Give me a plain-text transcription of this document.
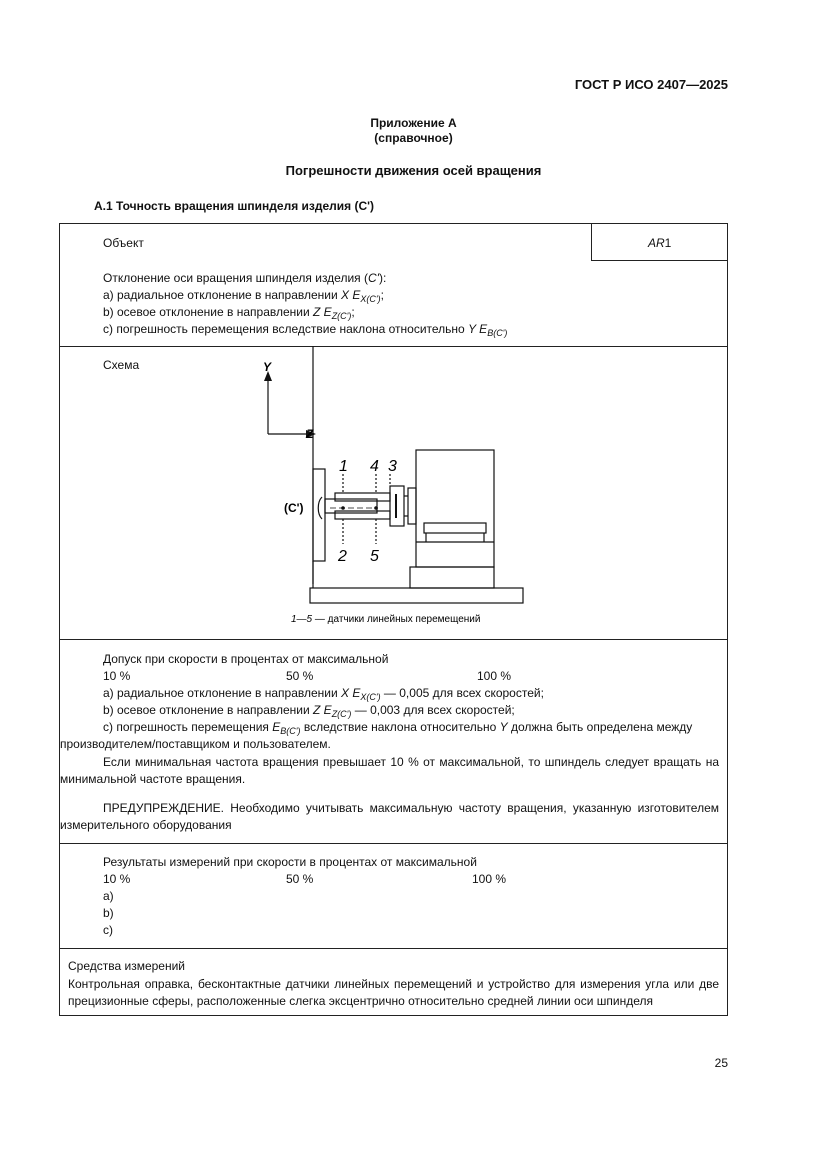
ГОСТ Р ИСО 2407—2025
Приложение А
(справочное)
Погрешности движения осей вращения
А.1 Точность вращения шпинделя изделия (C')
Объект	AR1
Отклонение оси вращения шпинделя изделия (C'):
a) радиальное отклонение в направлении X $E_{X(C')}$;
b) осевое отклонение в направлении Z $E_{Z(C')}$;
c) погрешность перемещения вследствие наклона относительно Y $E_{B(C')}$
Схема	Y
Z
(C')
1
2
3
4
5
1—5 — датчики линейных перемещений
Допуск при скорости в процентах от максимальной
10 %	50 %	100 %
a) радиальное отклонение в направлении X $E_{X(C')}$ — 0,005 для всех скоростей;
b) осевое отклонение в направлении Z $E_{Z(C')}$ — 0,003 для всех скоростей;
c) погрешность перемещения $E_{B(C')}$ вследствие наклона относительно Y должна быть определена между
производителем/поставщиком и пользователем.
Если минимальная частота вращения превышает 10 % от максимальной, то шпиндель следует вращать на минимальной частоте вращения.
ПРЕДУПРЕЖДЕНИЕ. Необходимо учитывать максимальную частоту вращения, указанную изготовителем измерительного оборудования
Результаты измерений при скорости в процентах от максимальной
10 %	50 %	100 %
a)
b)
c)
Средства измерений
Контрольная оправка, бесконтактные датчики линейных перемещений и устройство для измерения угла или две прецизионные сферы, расположенные слегка эксцентрично относительно средней линии оси шпинделя
25
